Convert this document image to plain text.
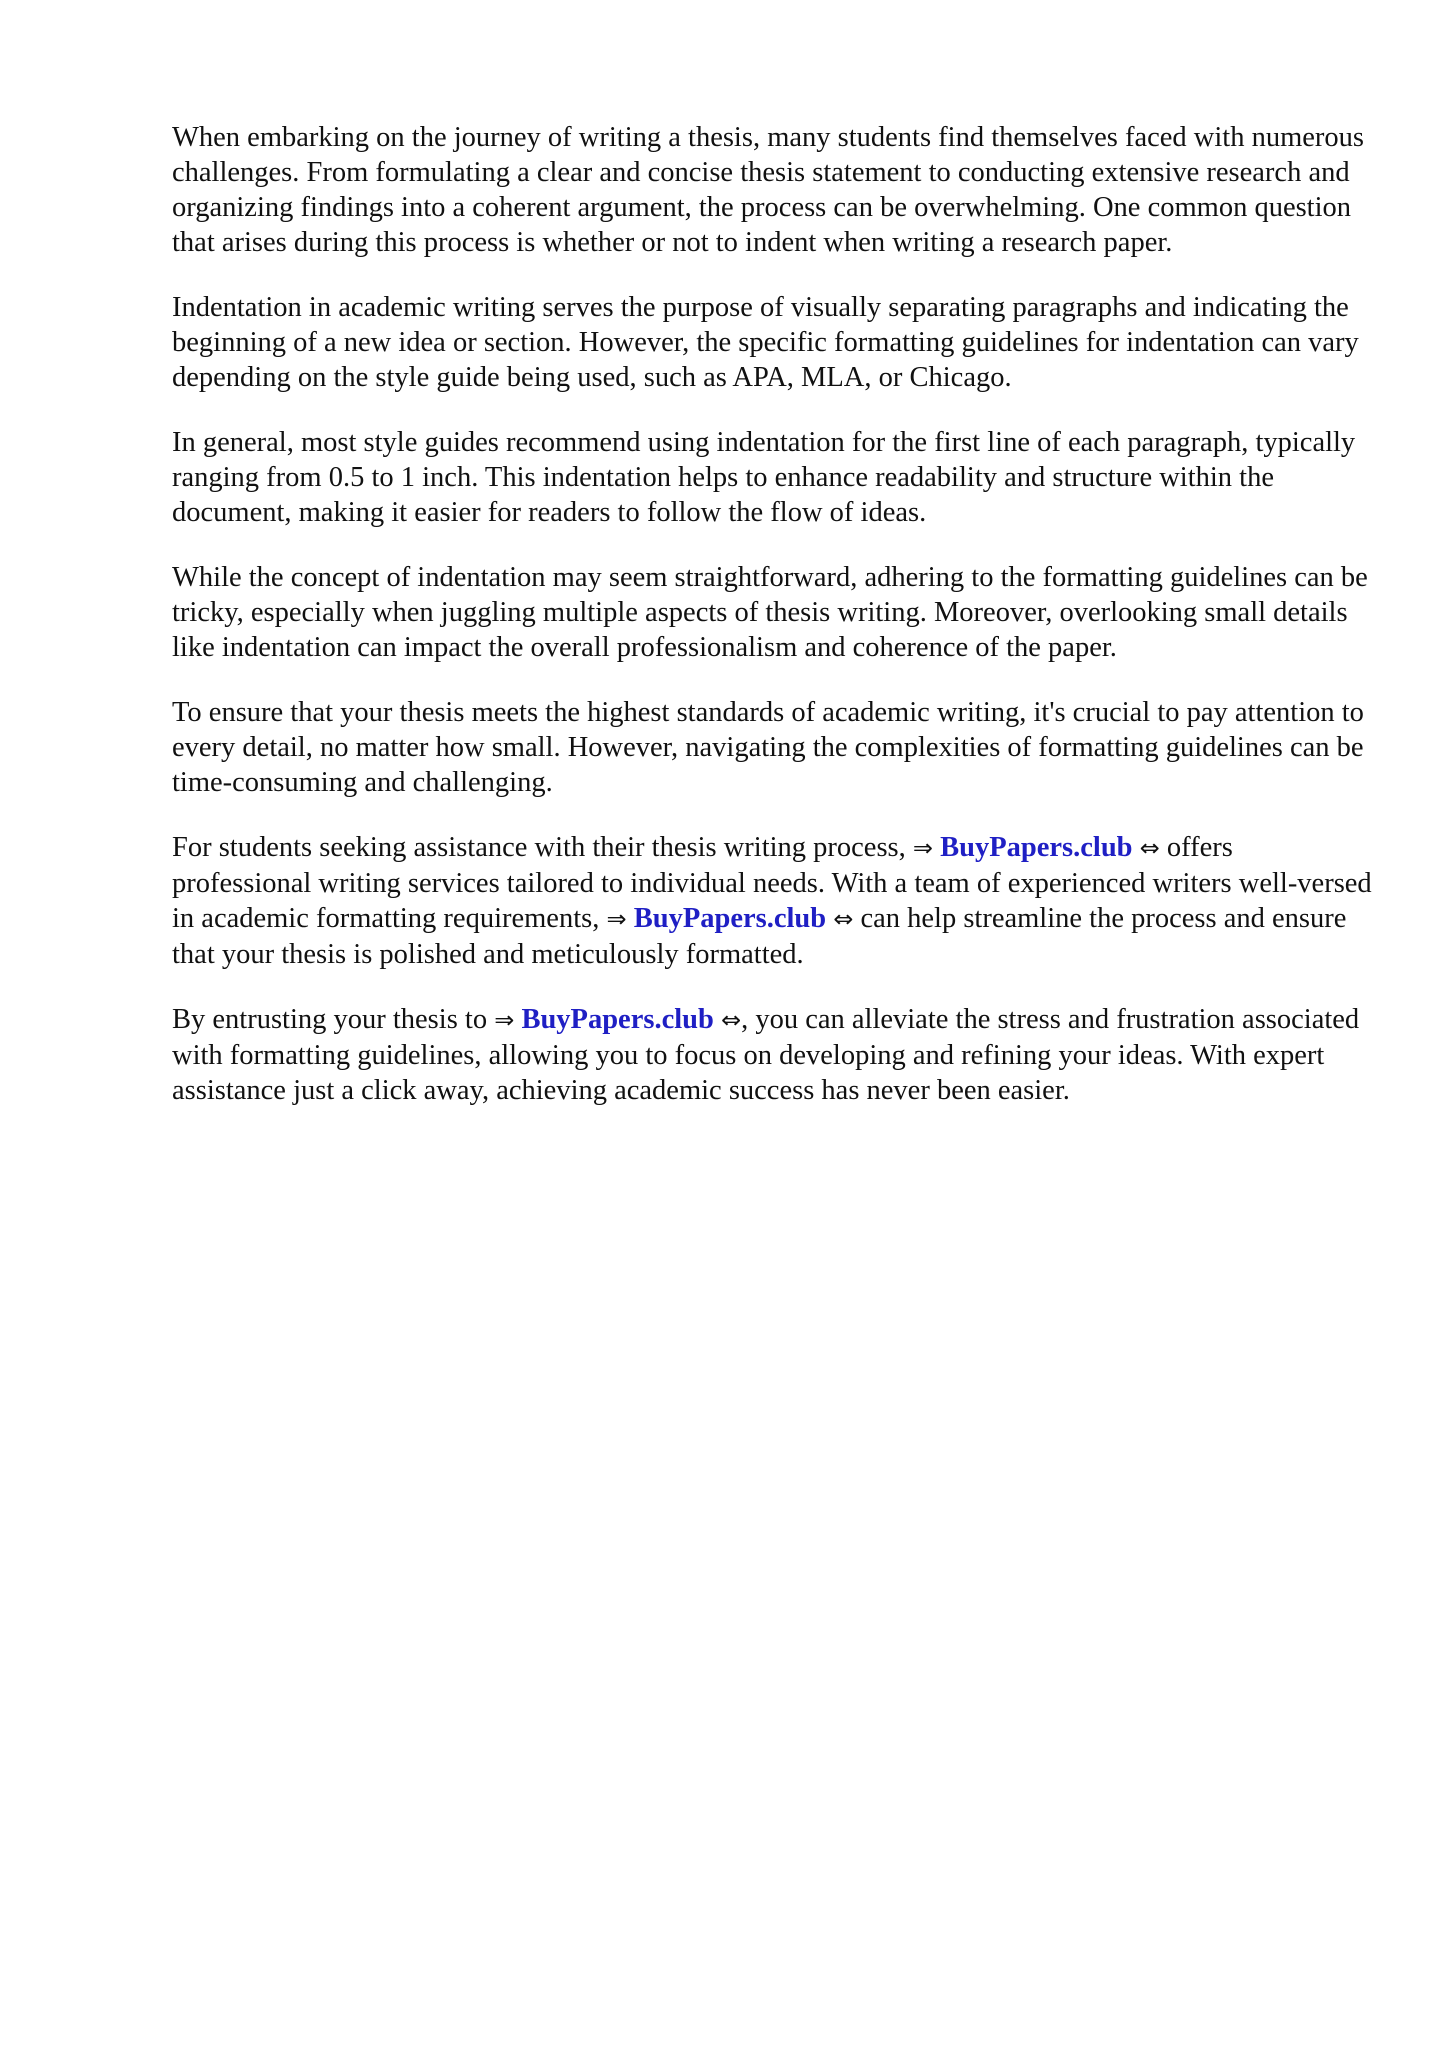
When embarking on the journey of writing a thesis, many students find themselves faced with numerous challenges. From formulating a clear and concise thesis statement to conducting extensive research and organizing findings into a coherent argument, the process can be overwhelming. One common question that arises during this process is whether or not to indent when writing a research paper.

Indentation in academic writing serves the purpose of visually separating paragraphs and indicating the beginning of a new idea or section. However, the specific formatting guidelines for indentation can vary depending on the style guide being used, such as APA, MLA, or Chicago.

In general, most style guides recommend using indentation for the first line of each paragraph, typically ranging from 0.5 to 1 inch. This indentation helps to enhance readability and structure within the document, making it easier for readers to follow the flow of ideas.

While the concept of indentation may seem straightforward, adhering to the formatting guidelines can be tricky, especially when juggling multiple aspects of thesis writing. Moreover, overlooking small details like indentation can impact the overall professionalism and coherence of the paper.

To ensure that your thesis meets the highest standards of academic writing, it's crucial to pay attention to every detail, no matter how small. However, navigating the complexities of formatting guidelines can be time-consuming and challenging.

For students seeking assistance with their thesis writing process, ⇒ BuyPapers.club ⇔ offers professional writing services tailored to individual needs. With a team of experienced writers well-versed in academic formatting requirements, ⇒ BuyPapers.club ⇔ can help streamline the process and ensure that your thesis is polished and meticulously formatted.

By entrusting your thesis to ⇒ BuyPapers.club ⇔, you can alleviate the stress and frustration associated with formatting guidelines, allowing you to focus on developing and refining your ideas. With expert assistance just a click away, achieving academic success has never been easier.
